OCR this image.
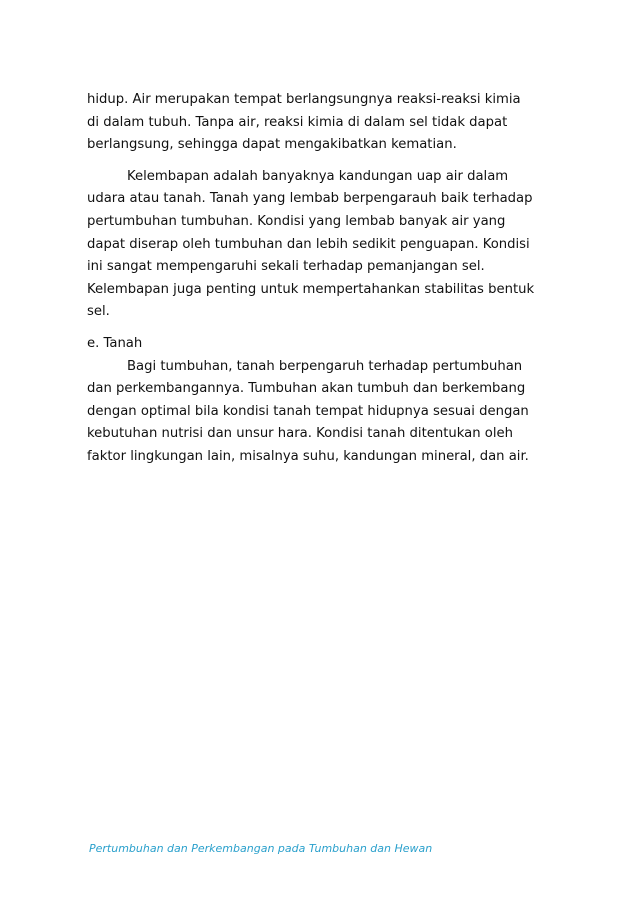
hidup. Air merupakan tempat berlangsungnya reaksi-reaksi kimia
di dalam tubuh. Tanpa air, reaksi kimia di dalam sel tidak dapat
berlangsung, sehingga dapat mengakibatkan kematian.
Kelembapan adalah banyaknya kandungan uap air dalam
udara atau tanah. Tanah yang lembab berpengarauh baik terhadap
pertumbuhan tumbuhan. Kondisi yang lembab banyak air yang
dapat diserap oleh tumbuhan dan lebih sedikit penguapan. Kondisi
ini sangat mempengaruhi sekali terhadap pemanjangan sel.
Kelembapan juga penting untuk mempertahankan stabilitas bentuk
sel.
e. Tanah
Bagi tumbuhan, tanah berpengaruh terhadap pertumbuhan
dan perkembangannya. Tumbuhan akan tumbuh dan berkembang
dengan optimal bila kondisi tanah tempat hidupnya sesuai dengan
kebutuhan nutrisi dan unsur hara. Kondisi tanah ditentukan oleh
faktor lingkungan lain, misalnya suhu, kandungan mineral, dan air.
Pertumbuhan dan Perkembangan pada Tumbuhan dan Hewan	19
